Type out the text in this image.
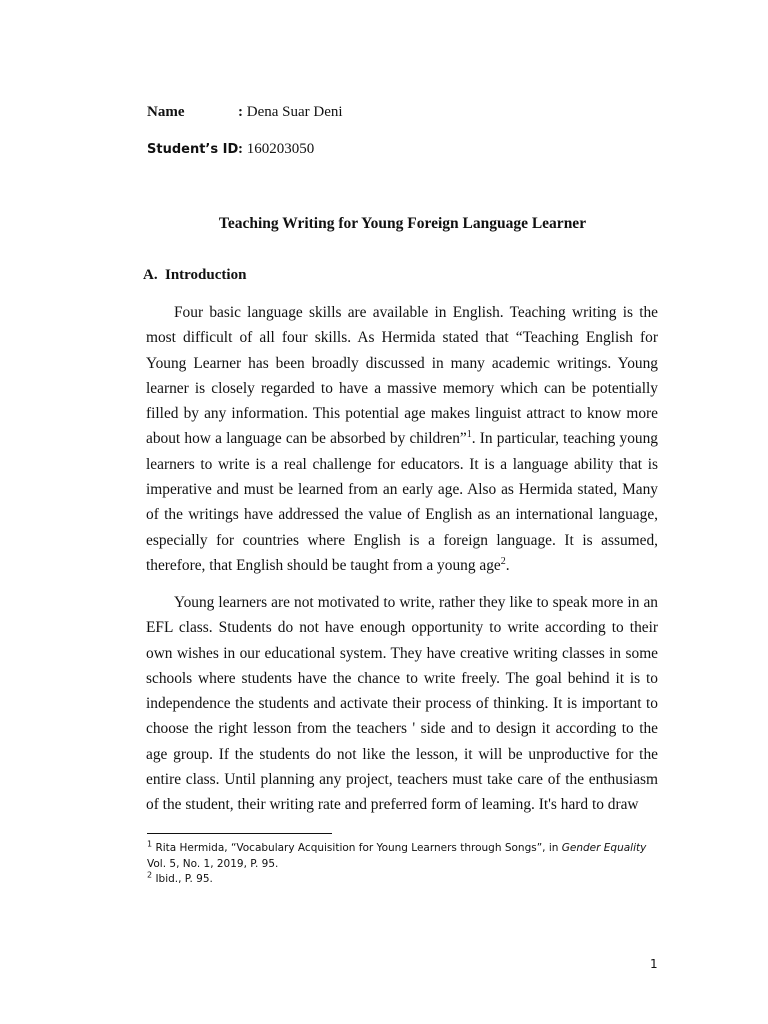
Name	: Dena Suar Deni
Student’s ID: 160203050
Teaching Writing for Young Foreign Language Learner
A. Introduction

Four basic language skills are available in English. Teaching writing is the most difficult of all four skills. As Hermida stated that “Teaching English for Young Learner has been broadly discussed in many academic writings. Young learner is closely regarded to have a massive memory which can be potentially filled by any information. This potential age makes linguist attract to know more about how a language can be absorbed by children”$^1$. In particular, teaching young learners to write is a real challenge for educators. It is a language ability that is imperative and must be learned from an early age. Also as Hermida stated, Many of the writings have addressed the value of English as an international language, especially for countries where English is a foreign language. It is assumed, therefore, that English should be taught from a young age$^2$.

Young learners are not motivated to write, rather they like to speak more in an EFL class. Students do not have enough opportunity to write according to their own wishes in our educational system. They have creative writing classes in some schools where students have the chance to write freely. The goal behind it is to independence the students and activate their process of thinking. It is important to choose the right lesson from the teachers ' side and to design it according to the age group. If the students do not like the lesson, it will be unproductive for the entire class. Until planning any project, teachers must take care of the enthusiasm of the student, their writing rate and preferred form of leaming. It's hard to draw

$^1$ Rita Hermida, “Vocabulary Acquisition for Young Learners through Songs”, in Gender Equality
Vol. 5, No. 1, 2019, P. 95.
$^2$ Ibid., P. 95.
1
